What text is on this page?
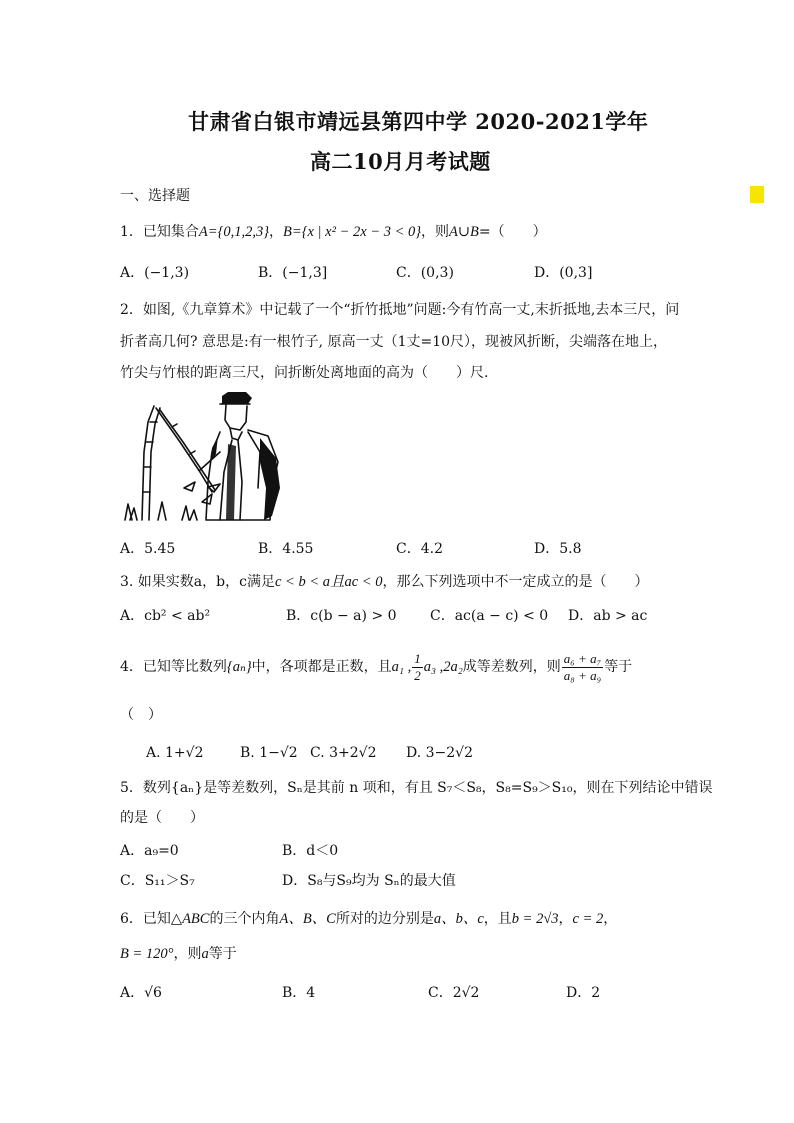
甘肃省白银市靖远县第四中学 2020-2021学年
高二10月月考试题
一、选择题
1．已知集合A={0,1,2,3}，B={x | x² − 2x − 3 < 0}，则A∪B=（　　）
A．(−1,3)	B．(−1,3]	C．(0,3)	D．(0,3]
2．如图,《九章算术》中记载了一个“折竹抵地”问题:今有竹高一丈,末折抵地,去本三尺，问
折者高几何? 意思是:有一根竹子, 原高一丈（1丈=10尺），现被风折断，尖端落在地上，
竹尖与竹根的距离三尺，问折断处离地面的高为（　　）尺.
A．5.45	B．4.55	C．4.2	D．5.8
3. 如果实数a，b，c满足c < b < a且ac < 0，那么下列选项中不一定成立的是（　　）
A．cb² < ab²	B．c(b − a) > 0 C．ac(a − c) < 0 D．ab > ac
4．已知等比数列{aₙ}中，各项都是正数，且a₁ , $\frac{1}{2} a_3$ ,2a₂成等差数列，则 $\frac{\text{a₆ + a₇}}{\text{a₈ + a₉}}$ 等于
（　）
A. 1+√2	B. 1−√2 C. 3+2√2 D. 3−2√2
5．数列{aₙ}是等差数列，Sₙ是其前 n 项和，有且 S₇＜S₈，S₈=S₉＞S₁₀，则在下列结论中错误
的是（　　）
A．a₉=0	B．d＜0
C．S₁₁＞S₇	D．S₈与S₉均为 Sₙ的最大值
6．已知△ABC的三个内角A、B、C所对的边分别是a、b、c，且b = 2√3，c = 2，
B = 120°，则a等于
A．√6	B．4	C．2√2	D．2
